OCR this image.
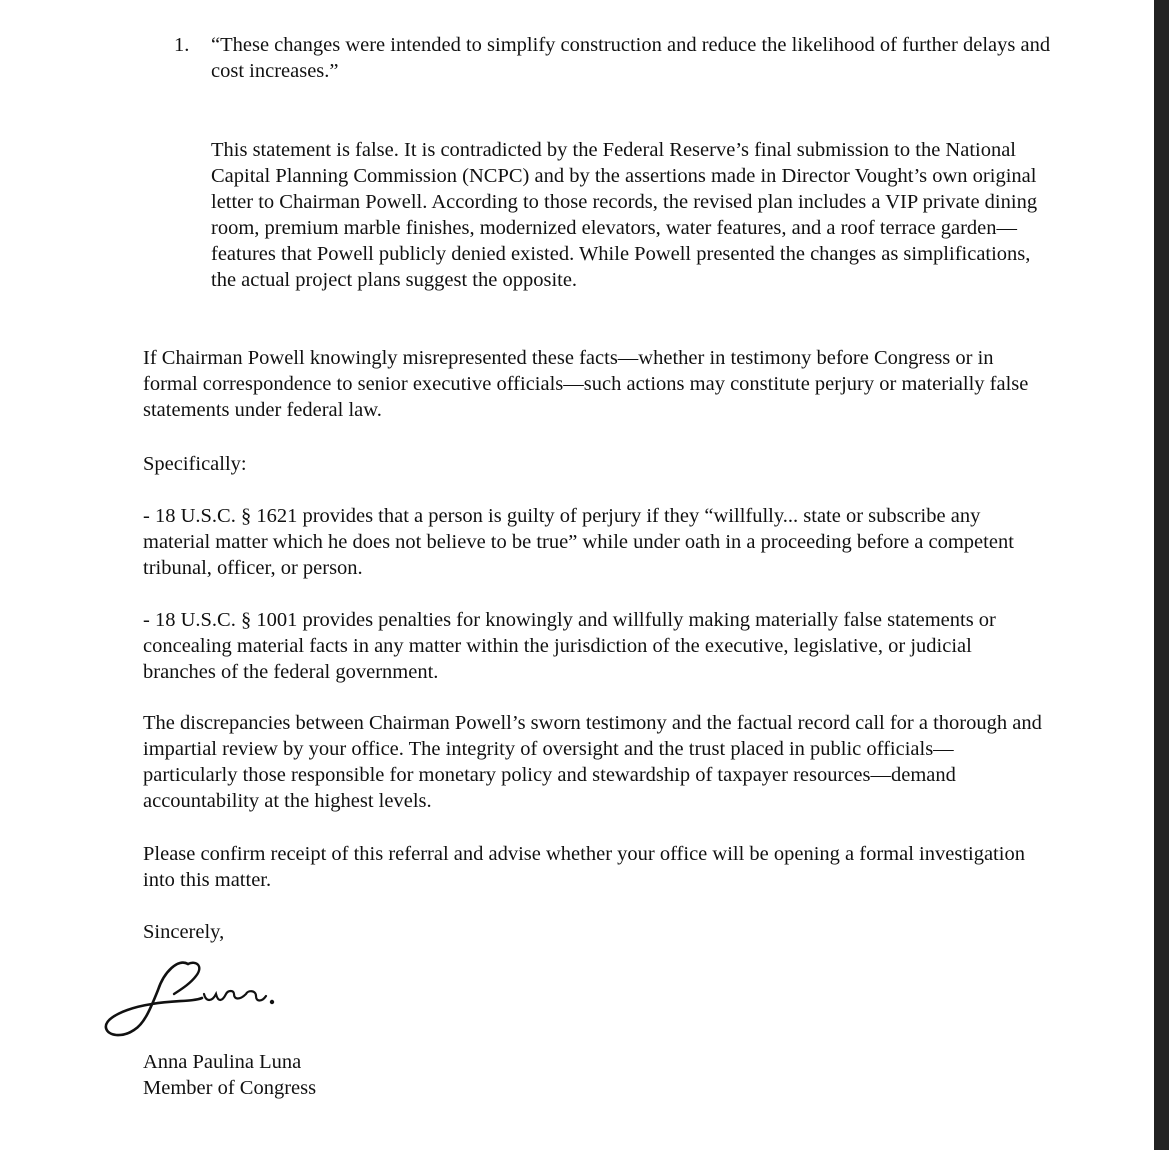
1. “These changes were intended to simplify construction and reduce the likelihood of further delays and cost increases.”

This statement is false. It is contradicted by the Federal Reserve’s final submission to the National Capital Planning Commission (NCPC) and by the assertions made in Director Vought’s own original letter to Chairman Powell. According to those records, the revised plan includes a VIP private dining room, premium marble finishes, modernized elevators, water features, and a roof terrace garden—features that Powell publicly denied existed. While Powell presented the changes as simplifications, the actual project plans suggest the opposite.

If Chairman Powell knowingly misrepresented these facts—whether in testimony before Congress or in formal correspondence to senior executive officials—such actions may constitute perjury or materially false statements under federal law.

Specifically:

- 18 U.S.C. § 1621 provides that a person is guilty of perjury if they “willfully... state or subscribe any material matter which he does not believe to be true” while under oath in a proceeding before a competent tribunal, officer, or person.

- 18 U.S.C. § 1001 provides penalties for knowingly and willfully making materially false statements or concealing material facts in any matter within the jurisdiction of the executive, legislative, or judicial branches of the federal government.

The discrepancies between Chairman Powell’s sworn testimony and the factual record call for a thorough and impartial review by your office. The integrity of oversight and the trust placed in public officials—particularly those responsible for monetary policy and stewardship of taxpayer resources—demand accountability at the highest levels.

Please confirm receipt of this referral and advise whether your office will be opening a formal investigation into this matter.

Sincerely,

Anna Paulina Luna

Member of Congress
